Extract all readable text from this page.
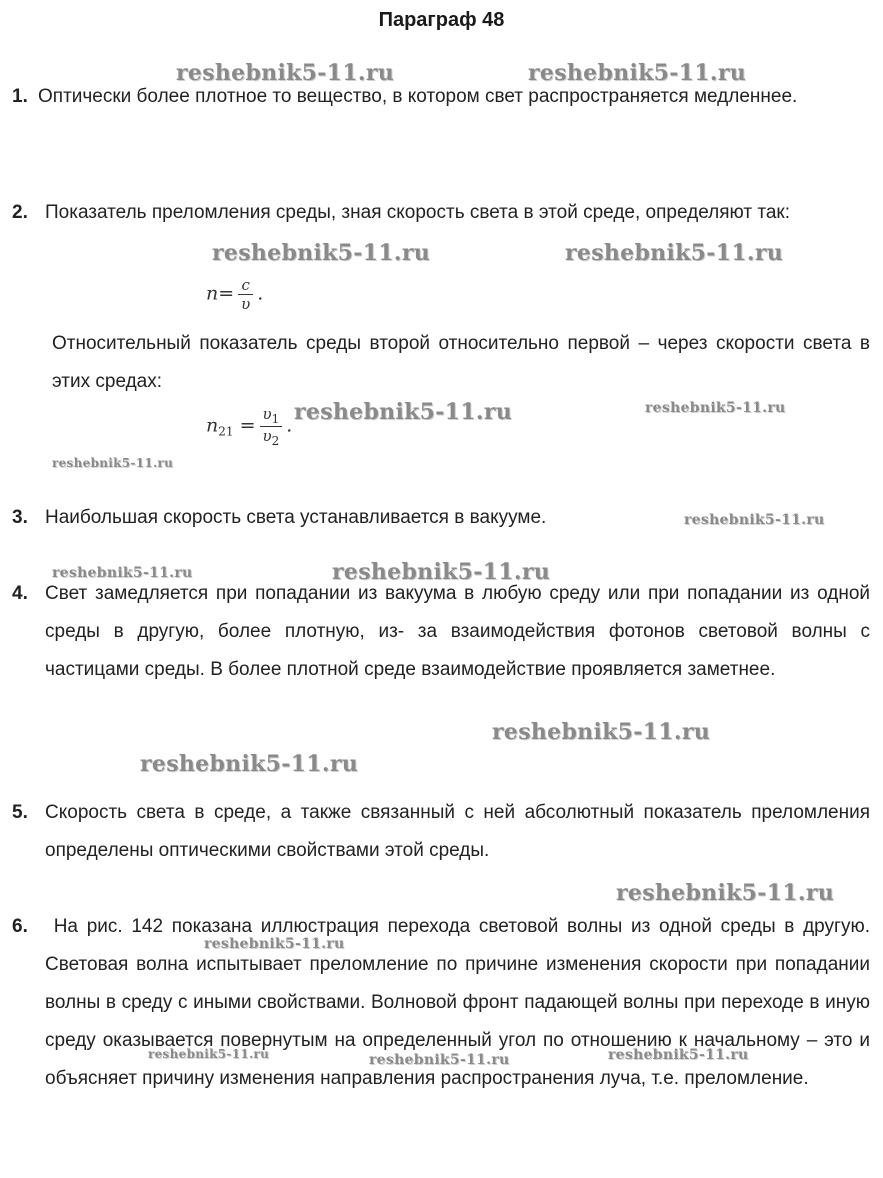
Параграф 48
1. Оптически более плотное то вещество, в котором свет распространяется медленнее.
2. Показатель преломления среды, зная скорость света в этой среде, определяют так:
$n= \frac{c}{\upsilon}$ .
Относительный показатель среды второй относительно первой – через скорости света в этих средах:
$n_{21} = \frac{\upsilon_1}{\upsilon_2}$ .
3. Наибольшая скорость света устанавливается в вакууме.
4. Свет замедляется при попадании из вакуума в любую среду или при попадании из одной среды в другую, более плотную, из- за взаимодействия фотонов световой волны с частицами среды. В более плотной среде взаимодействие проявляется заметнее.
5. Скорость света в среде, а также связанный с ней абсолютный показатель преломления определены оптическими свойствами этой среды.
6. На рис. 142 показана иллюстрация перехода световой волны из одной среды в другую. Световая волна испытывает преломление по причине изменения скорости при попадании волны в среду с иными свойствами. Волновой фронт падающей волны при переходе в иную среду оказывается повернутым на определенный угол по отношению к начальному – это и объясняет причину изменения направления распространения луча, т.е. преломление.
reshebnik5-11.ru	reshebnik5-11.ru
reshebnik5-11.ru	reshebnik5-11.ru
reshebnik5-11.ru	reshebnik5-11.ru
reshebnik5-11.ru
reshebnik5-11.ru
reshebnik5-11.ru	reshebnik5-11.ru
reshebnik5-11.ru
reshebnik5-11.ru
reshebnik5-11.ru
reshebnik5-11.ru
reshebnik5-11.ru	reshebnik5-11.ru	reshebnik5-11.ru
